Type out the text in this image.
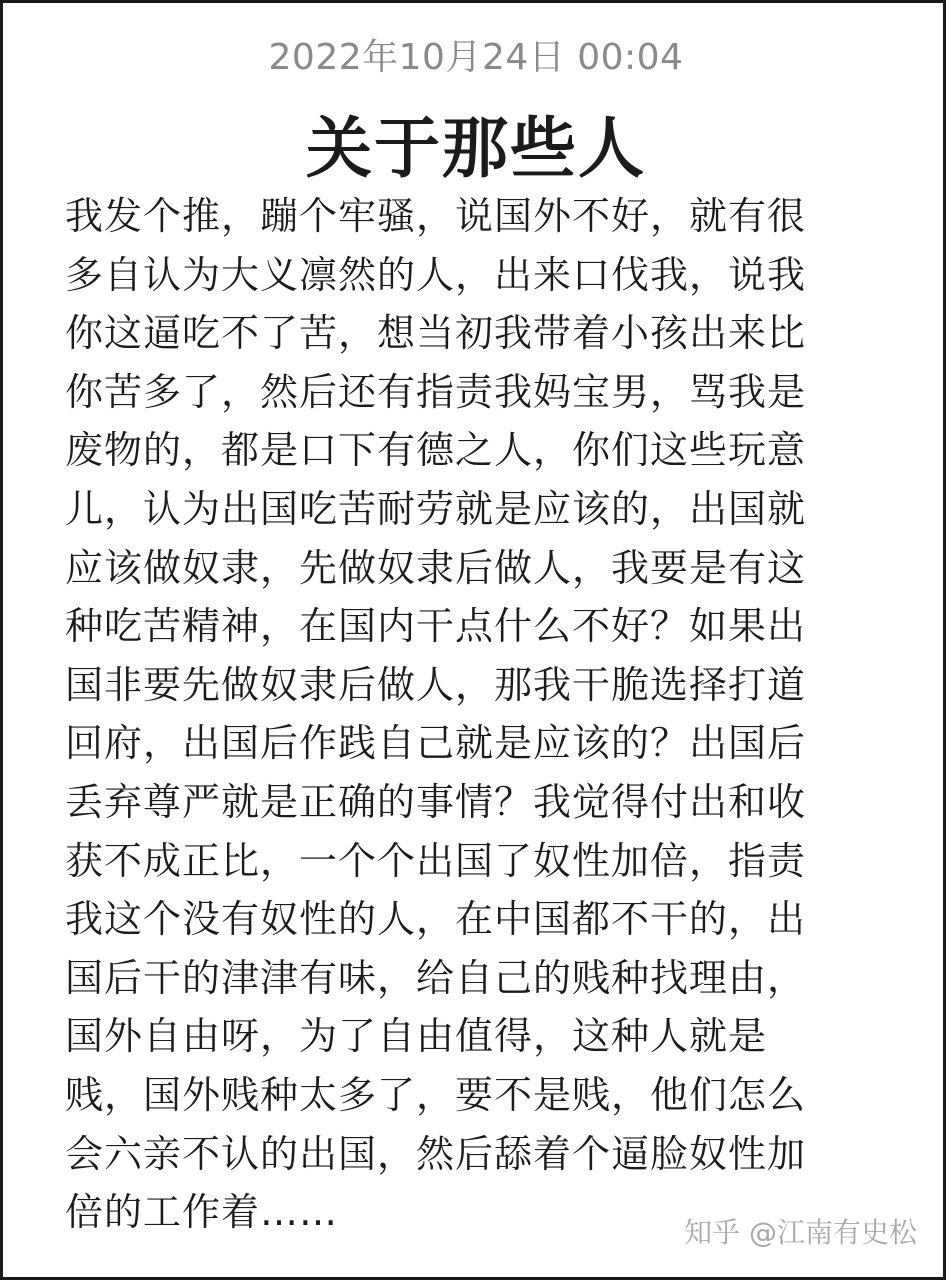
2022年10月24日 00:04
关于那些人
我发个推，蹦个牢骚，说国外不好，就有很
多自认为大义凛然的人，出来口伐我，说我
你这逼吃不了苦，想当初我带着小孩出来比
你苦多了，然后还有指责我妈宝男，骂我是
废物的，都是口下有德之人，你们这些玩意
儿，认为出国吃苦耐劳就是应该的，出国就
应该做奴隶，先做奴隶后做人，我要是有这
种吃苦精神，在国内干点什么不好？如果出
国非要先做奴隶后做人，那我干脆选择打道
回府，出国后作践自己就是应该的？出国后
丢弃尊严就是正确的事情？我觉得付出和收
获不成正比，一个个出国了奴性加倍，指责
我这个没有奴性的人，在中国都不干的，出
国后干的津津有味，给自己的贱种找理由，
国外自由呀，为了自由值得，这种人就是
贱，国外贱种太多了，要不是贱，他们怎么
会六亲不认的出国，然后舔着个逼脸奴性加
倍的工作着……	知乎 @江南有史松
